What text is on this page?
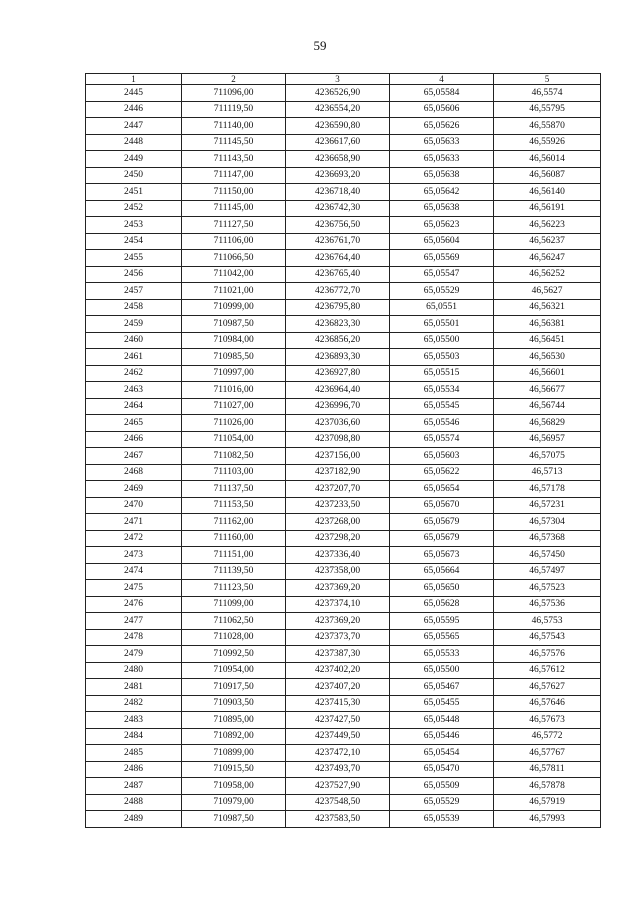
59
1	2	3	4	5
2445	711096,00	4236526,90	65,05584	46,5574
2446	711119,50	4236554,20	65,05606	46,55795
2447	711140,00	4236590,80	65,05626	46,55870
2448	711145,50	4236617,60	65,05633	46,55926
2449	711143,50	4236658,90	65,05633	46,56014
2450	711147,00	4236693,20	65,05638	46,56087
2451	711150,00	4236718,40	65,05642	46,56140
2452	711145,00	4236742,30	65,05638	46,56191
2453	711127,50	4236756,50	65,05623	46,56223
2454	711106,00	4236761,70	65,05604	46,56237
2455	711066,50	4236764,40	65,05569	46,56247
2456	711042,00	4236765,40	65,05547	46,56252
2457	711021,00	4236772,70	65,05529	46,5627
2458	710999,00	4236795,80	65,0551	46,56321
2459	710987,50	4236823,30	65,05501	46,56381
2460	710984,00	4236856,20	65,05500	46,56451
2461	710985,50	4236893,30	65,05503	46,56530
2462	710997,00	4236927,80	65,05515	46,56601
2463	711016,00	4236964,40	65,05534	46,56677
2464	711027,00	4236996,70	65,05545	46,56744
2465	711026,00	4237036,60	65,05546	46,56829
2466	711054,00	4237098,80	65,05574	46,56957
2467	711082,50	4237156,00	65,05603	46,57075
2468	711103,00	4237182,90	65,05622	46,5713
2469	711137,50	4237207,70	65,05654	46,57178
2470	711153,50	4237233,50	65,05670	46,57231
2471	711162,00	4237268,00	65,05679	46,57304
2472	711160,00	4237298,20	65,05679	46,57368
2473	711151,00	4237336,40	65,05673	46,57450
2474	711139,50	4237358,00	65,05664	46,57497
2475	711123,50	4237369,20	65,05650	46,57523
2476	711099,00	4237374,10	65,05628	46,57536
2477	711062,50	4237369,20	65,05595	46,5753
2478	711028,00	4237373,70	65,05565	46,57543
2479	710992,50	4237387,30	65,05533	46,57576
2480	710954,00	4237402,20	65,05500	46,57612
2481	710917,50	4237407,20	65,05467	46,57627
2482	710903,50	4237415,30	65,05455	46,57646
2483	710895,00	4237427,50	65,05448	46,57673
2484	710892,00	4237449,50	65,05446	46,5772
2485	710899,00	4237472,10	65,05454	46,57767
2486	710915,50	4237493,70	65,05470	46,57811
2487	710958,00	4237527,90	65,05509	46,57878
2488	710979,00	4237548,50	65,05529	46,57919
2489	710987,50	4237583,50	65,05539	46,57993
